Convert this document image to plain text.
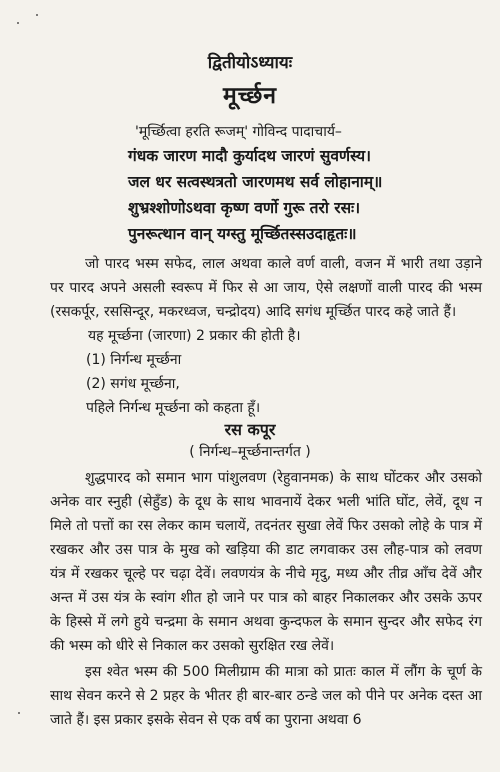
द्वितीयोऽध्यायः
मूर्च्छन
'मूर्च्छित्वा हरति रूजम्' गोविन्द पादाचार्य–
गंधक जारण मादौ कुर्यादथ जारणं सुवर्णस्य।
जल धर सत्वस्थत्रतो जारणमथ सर्व लोहानाम्॥
शुभ्रश्शोणोऽथवा कृष्ण वर्णो गुरू तरो रसः।
पुनरूत्थान वान् यग्स्तु मूर्च्छितस्सउदाहृतः॥

जो पारद भस्म सफेद, लाल अथवा काले वर्ण वाली, वजन में भारी तथा उड़ाने पर पारद अपने असली स्वरूप में फिर से आ जाय, ऐसे लक्षणों वाली पारद की भस्म (रसकर्पूर, रससिन्दूर, मकरध्वज, चन्द्रोदय) आदि सगंध मूर्च्छित पारद कहे जाते हैं।

यह मूर्च्छना (जारणा) 2 प्रकार की होती है।
(1) निर्गन्ध मूर्च्छना
(2) सगंध मूर्च्छना,
पहिले निर्गन्ध मूर्च्छना को कहता हूँ।
रस कपूर
( निर्गन्ध–मूर्च्छनान्तर्गत )

शुद्धपारद को समान भाग पांशुलवण (रेहुवानमक) के साथ घोंटकर और उसको अनेक वार स्नुही (सेहुँड) के दूध के साथ भावनायें देकर भली भांति घोंट, लेवें, दूध न मिले तो पत्तों का रस लेकर काम चलायें, तदनंतर सुखा लेवें फिर उसको लोहे के पात्र में रखकर और उस पात्र के मुख को खड़िया की डाट लगवाकर उस लौह-पात्र को लवण यंत्र में रखकर चूल्हे पर चढ़ा देवें। लवणयंत्र के नीचे मृदु, मध्य और तीव्र आँच देवें और अन्त में उस यंत्र के स्वांग शीत हो जाने पर पात्र को बाहर निकालकर और उसके ऊपर के हिस्से में लगे हुये चन्द्रमा के समान अथवा कुन्दफल के समान सुन्दर और सफेद रंग की भस्म को धीरे से निकाल कर उसको सुरक्षित रख लेवें।

इस श्वेत भस्म की 500 मिलीग्राम की मात्रा को प्रातः काल में लौंग के चूर्ण के साथ सेवन करने से 2 प्रहर के भीतर ही बार-बार ठन्डे जल को पीने पर अनेक दस्त आ जाते हैं। इस प्रकार इसके सेवन से एक वर्ष का पुराना अथवा 6
